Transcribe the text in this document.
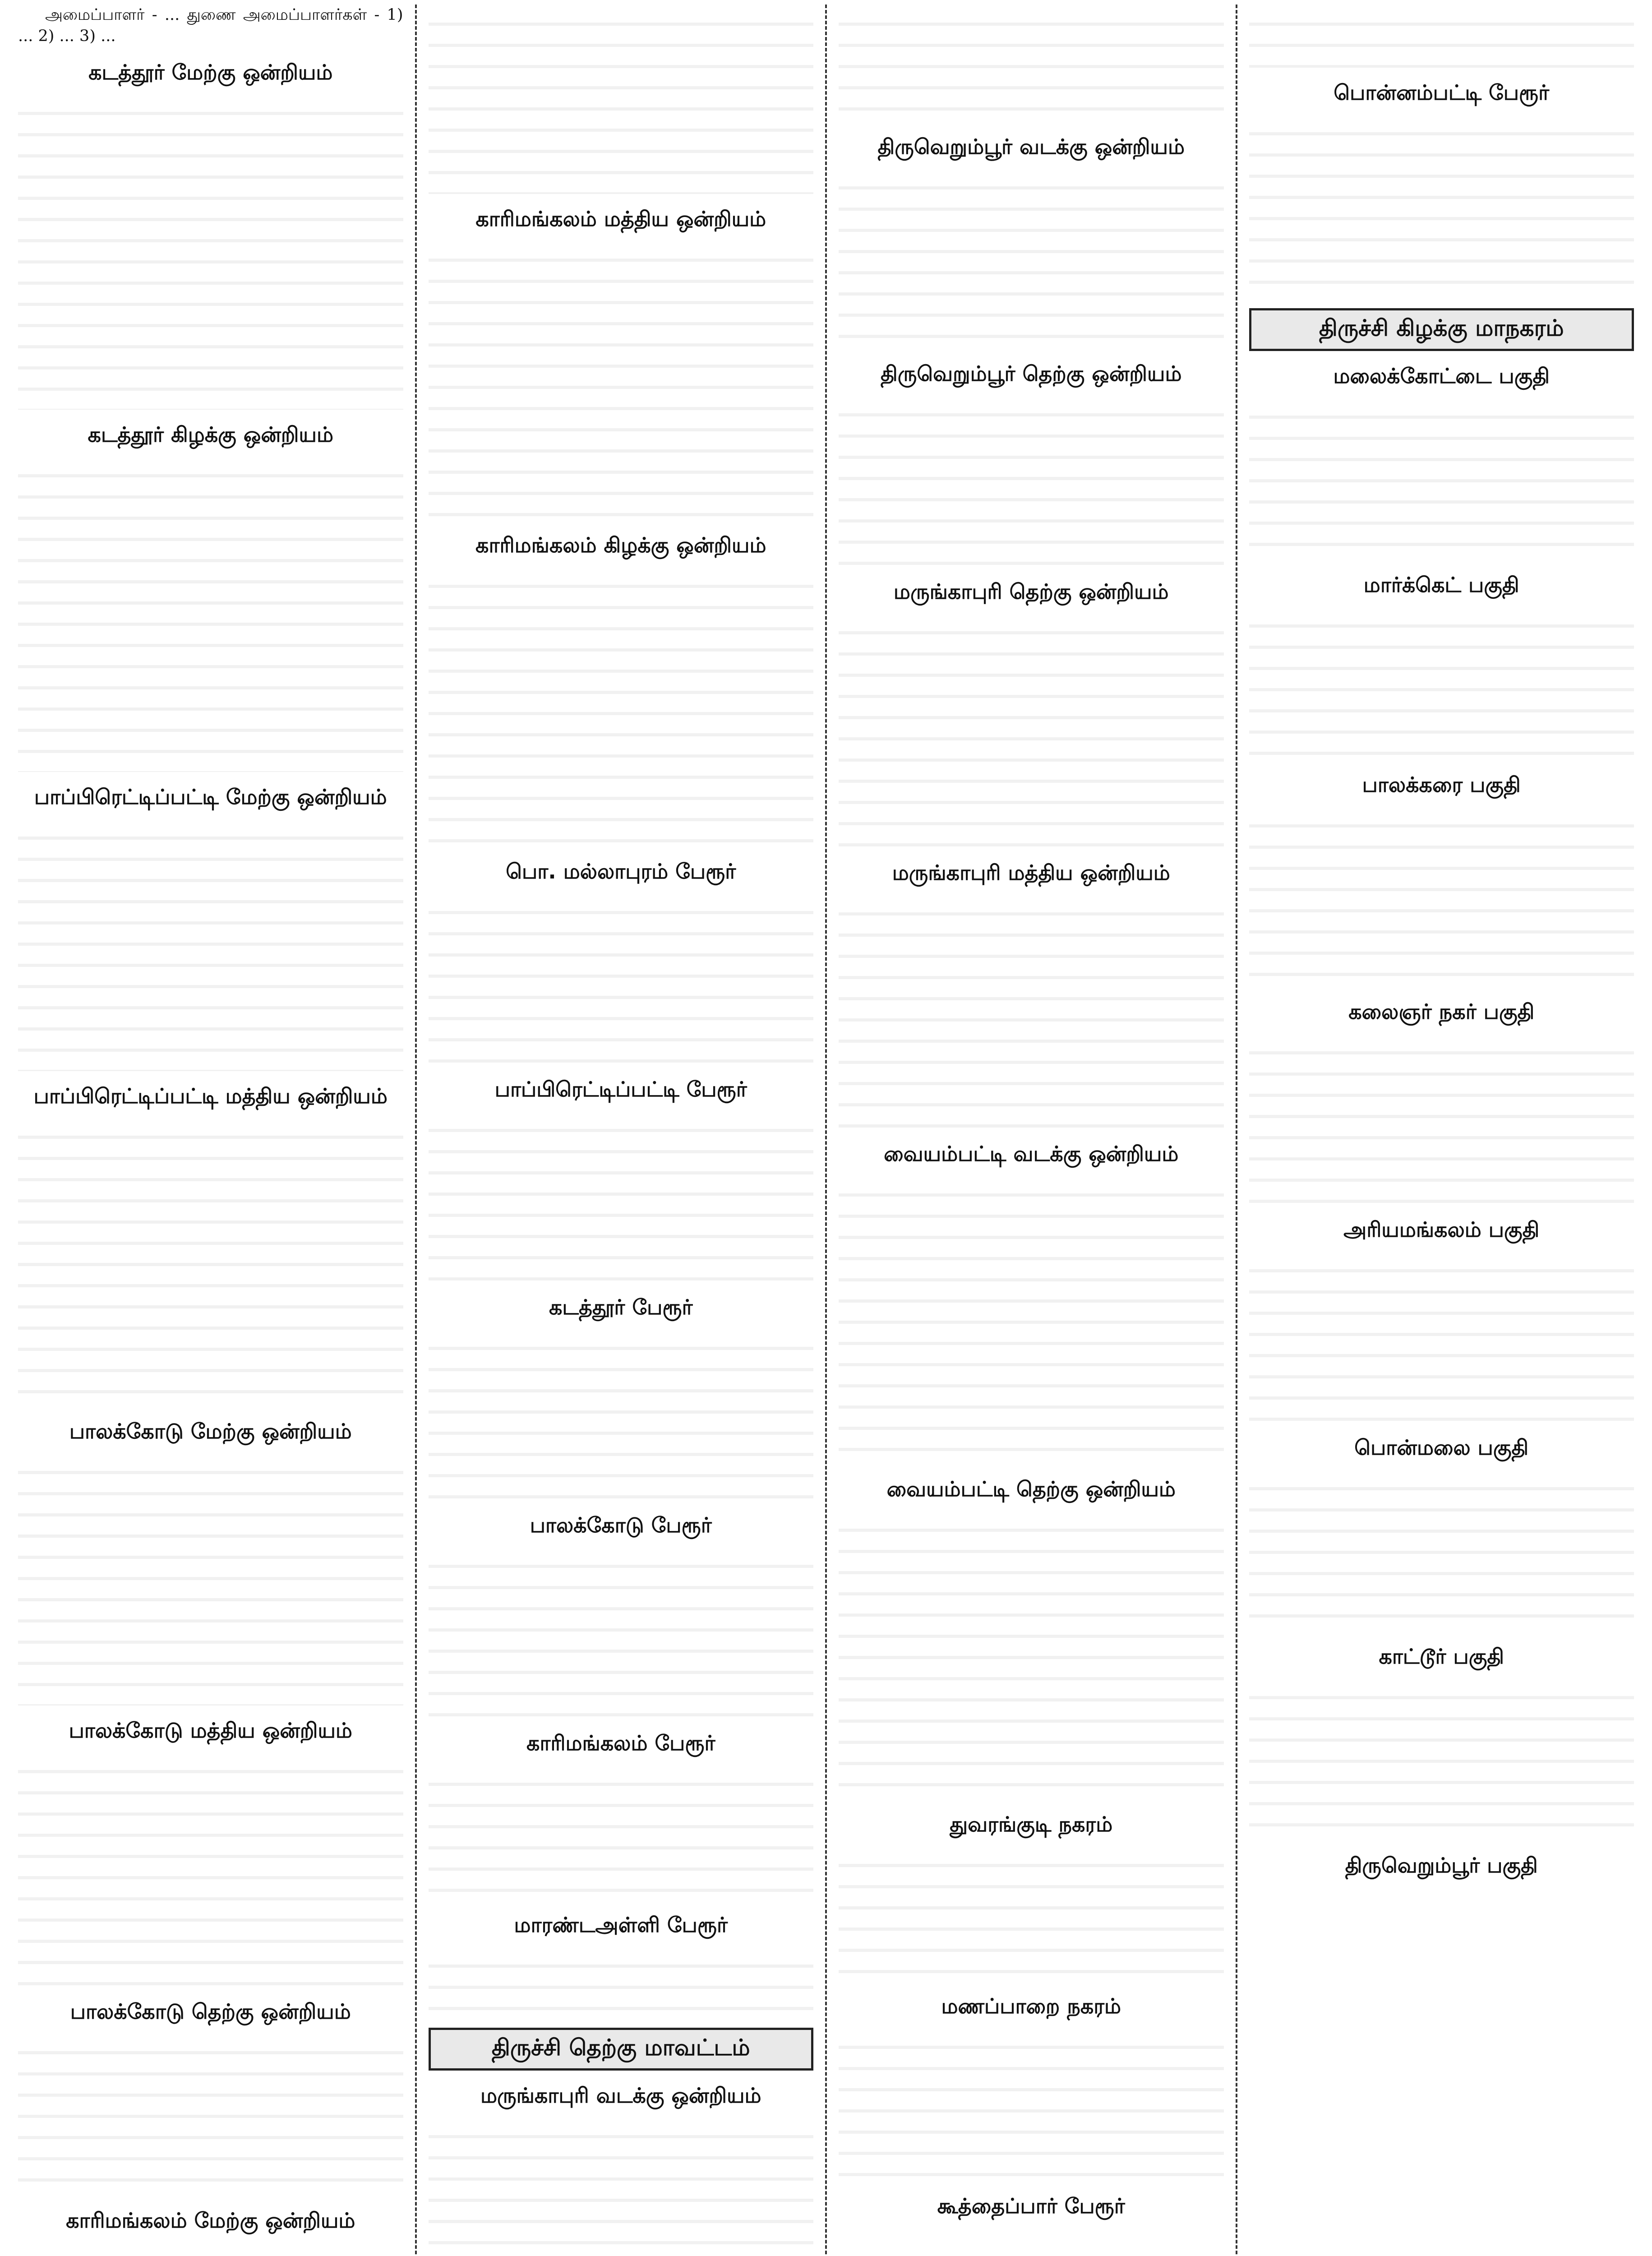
அமைப்பாளர் - ... துணை அமைப்பாளர்கள் - 1) ... 2) ... 3) ...
கடத்தூர் மேற்கு ஒன்றியம்
கடத்தூர் கிழக்கு ஒன்றியம்
பாப்பிரெட்டிப்பட்டி மேற்கு ஒன்றியம்
பாப்பிரெட்டிப்பட்டி மத்திய ஒன்றியம்
பாலக்கோடு மேற்கு ஒன்றியம்
பாலக்கோடு மத்திய ஒன்றியம்
பாலக்கோடு தெற்கு ஒன்றியம்
காரிமங்கலம் மேற்கு ஒன்றியம்
காரிமங்கலம் மத்திய ஒன்றியம்
காரிமங்கலம் கிழக்கு ஒன்றியம்
பொ. மல்லாபுரம் பேரூர்
பாப்பிரெட்டிப்பட்டி பேரூர்
கடத்தூர் பேரூர்
பாலக்கோடு பேரூர்
காரிமங்கலம் பேரூர்
மாரண்டஅள்ளி பேரூர்
திருச்சி தெற்கு மாவட்டம்
மருங்காபுரி வடக்கு ஒன்றியம்
திருவெறும்பூர் வடக்கு ஒன்றியம்
திருவெறும்பூர் தெற்கு ஒன்றியம்
மருங்காபுரி தெற்கு ஒன்றியம்
மருங்காபுரி மத்திய ஒன்றியம்
வையம்பட்டி வடக்கு ஒன்றியம்
வையம்பட்டி தெற்கு ஒன்றியம்
துவரங்குடி நகரம்
மணப்பாறை நகரம்
கூத்தைப்பார் பேரூர்
பொன்னம்பட்டி பேரூர்
திருச்சி கிழக்கு மாநகரம்
மலைக்கோட்டை பகுதி
மார்க்கெட் பகுதி
பாலக்கரை பகுதி
கலைஞர் நகர் பகுதி
அரியமங்கலம் பகுதி
பொன்மலை பகுதி
காட்டூர் பகுதி
திருவெறும்பூர் பகுதி
